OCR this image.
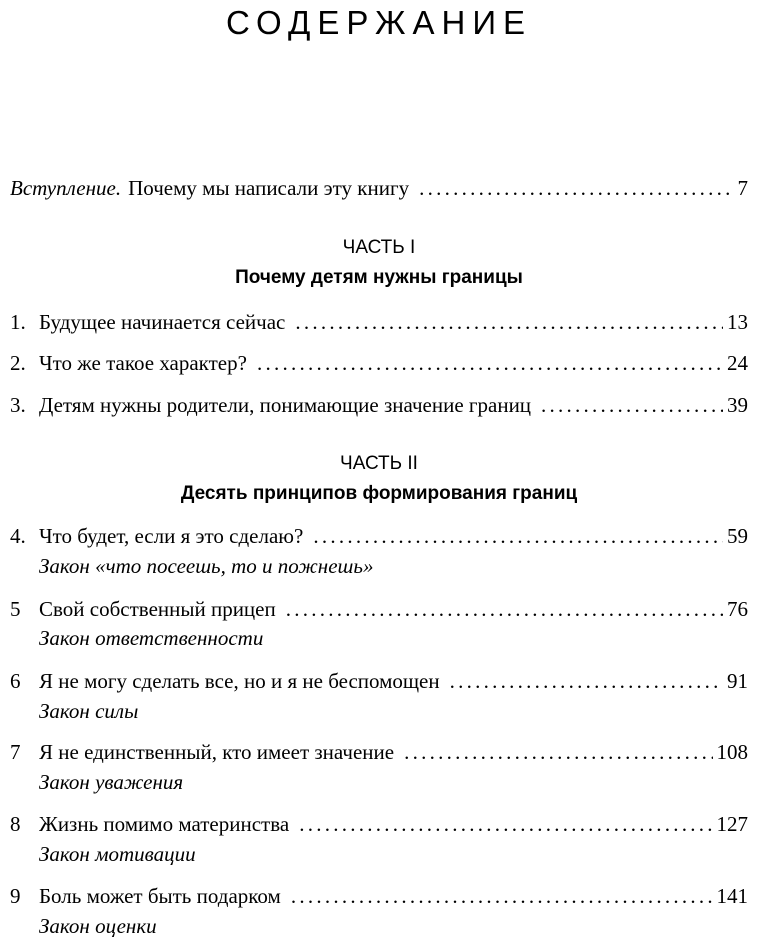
СОДЕРЖАНИЕ
Вступление. Почему мы написали эту книгу . . .	7
ЧАСТЬ I
Почему детям нужны границы
1. Будущее начинается сейчас . . .	13
2. Что же такое характер? . . .	24
3. Детям нужны родители, понимающие значение границ . . .	39
ЧАСТЬ II
Десять принципов формирования границ
4. Что будет, если я это сделаю? . . .	59
Закон «что посеешь, то и пожнешь»
5 Свой собственный прицеп . . .	76
Закон ответственности
6 Я не могу сделать все, но и я не беспомощен . . .	91
Закон силы
7 Я не единственный, кто имеет значение . . .	108
Закон уважения
8 Жизнь помимо материнства . . .	127
Закон мотивации
9 Боль может быть подарком . . .	141
Закон оценки
